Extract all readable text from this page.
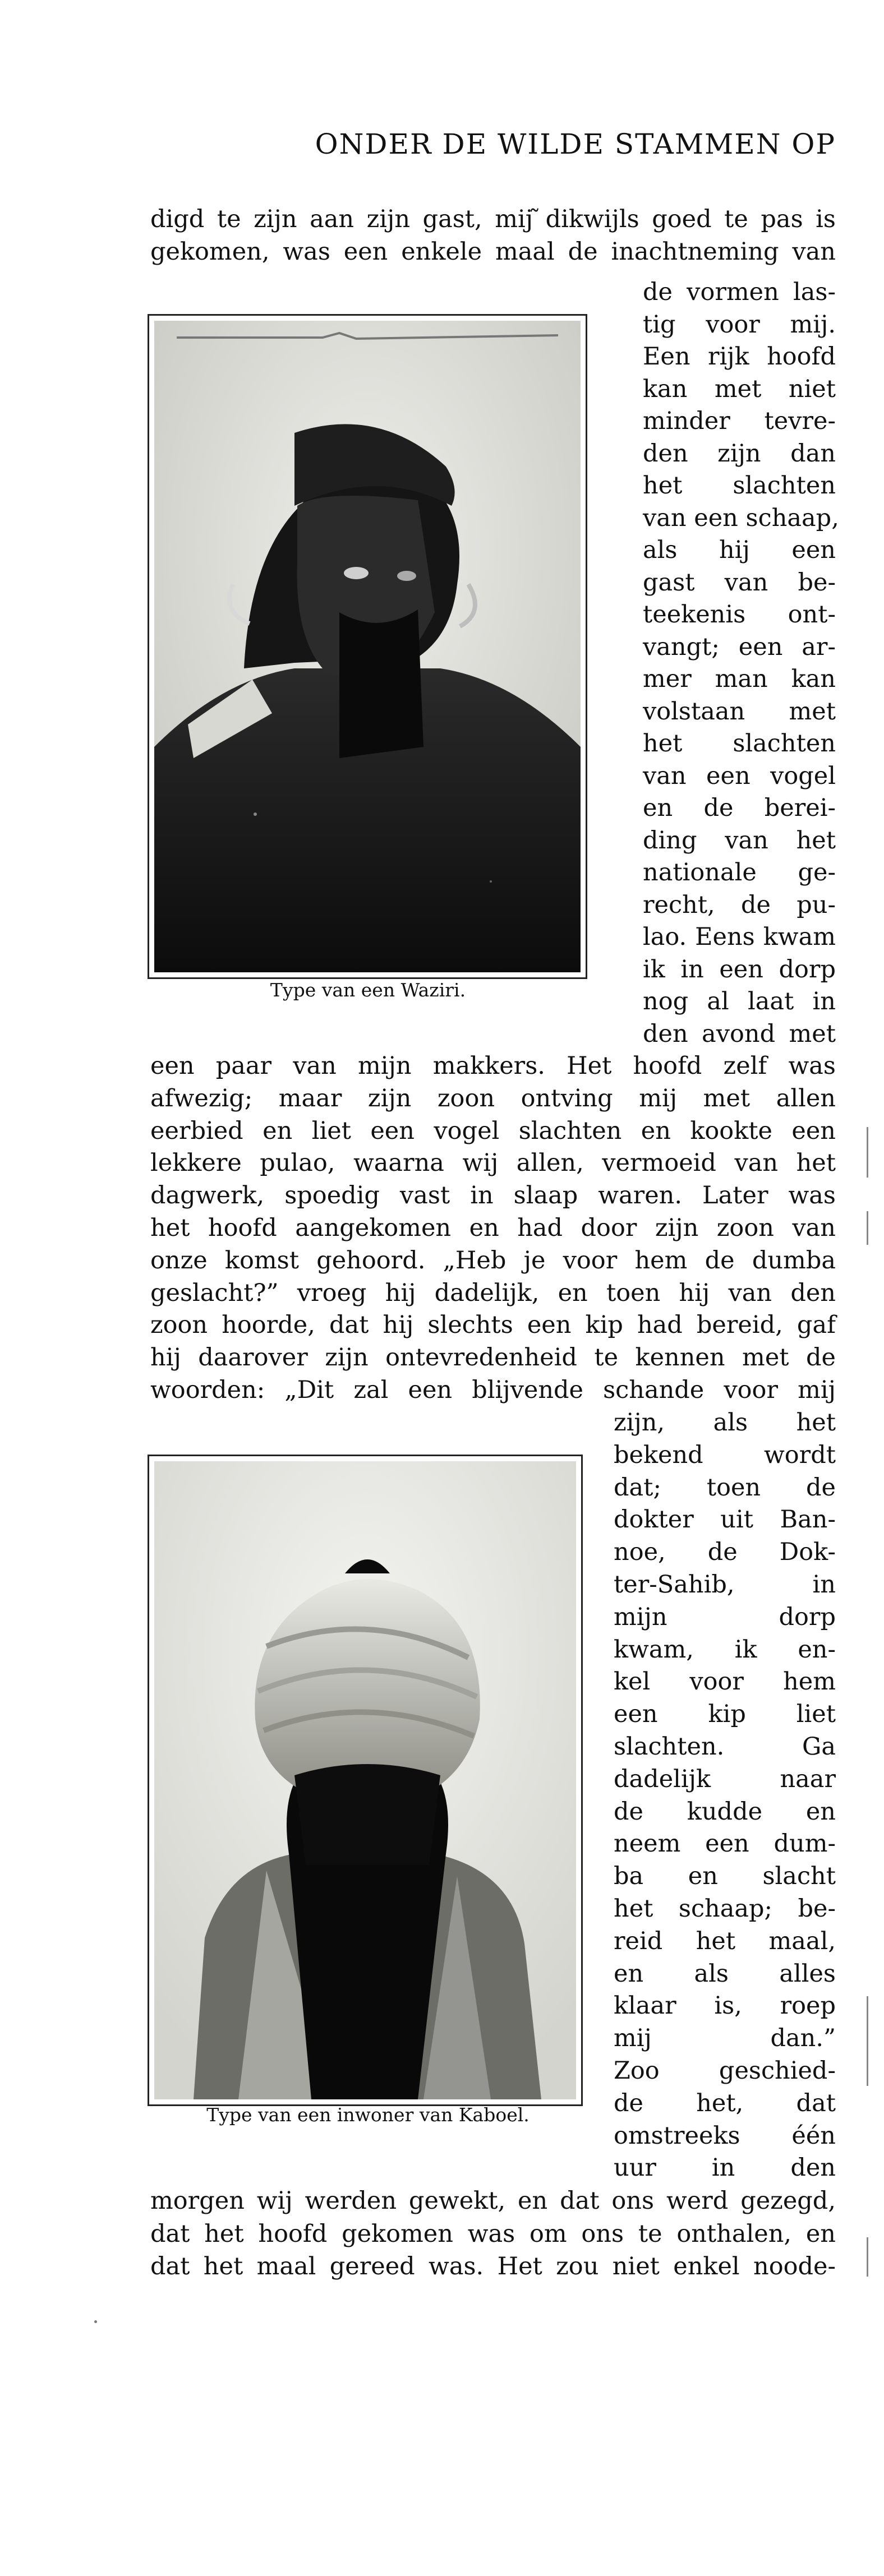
ONDER DE WILDE STAMMEN OP
digd te zijn aan zijn gast, mij ̃dikwijls goed te pas is
gekomen, was een enkele maal de inachtneming van
de vormen las-
tig voor mij.
Een rijk hoofd
kan met niet
minder tevre-
den zijn dan
het slachten
van een schaap,
als hij een
gast van be-
teekenis ont-
vangt; een ar-
mer man kan
volstaan met
het slachten
van een vogel
en de berei-
ding van het
nationale ge-
recht, de pu-
lao. Eens kwam
ik in een dorp
nog al laat in
den avond met
Type van een Waziri.
een paar van mijn makkers. Het hoofd zelf was
afwezig; maar zijn zoon ontving mij met allen
eerbied en liet een vogel slachten en kookte een
lekkere pulao, waarna wij allen, vermoeid van het
dagwerk, spoedig vast in slaap waren. Later was
het hoofd aangekomen en had door zijn zoon van
onze komst gehoord. „Heb je voor hem de dumba
geslacht?” vroeg hij dadelijk, en toen hij van den
zoon hoorde, dat hij slechts een kip had bereid, gaf
hij daarover zijn ontevredenheid te kennen met de
woorden: „Dit zal een blijvende schande voor mij
Type van een inwoner van Kaboel.
zijn, als het
bekend wordt
dat; toen de
dokter uit Ban-
noe, de Dok-
ter-Sahib, in
mijn dorp
kwam, ik en-
kel voor hem
een kip liet
slachten. Ga
dadelijk naar
de kudde en
neem een dum-
ba en slacht
het schaap; be-
reid het maal,
en als alles
klaar is, roep
mij dan.”
Zoo geschied-
de het, dat
omstreeks één
uur in den
morgen wij werden gewekt, en dat ons werd gezegd,
dat het hoofd gekomen was om ons te onthalen, en
dat het maal gereed was. Het zou niet enkel noode-
